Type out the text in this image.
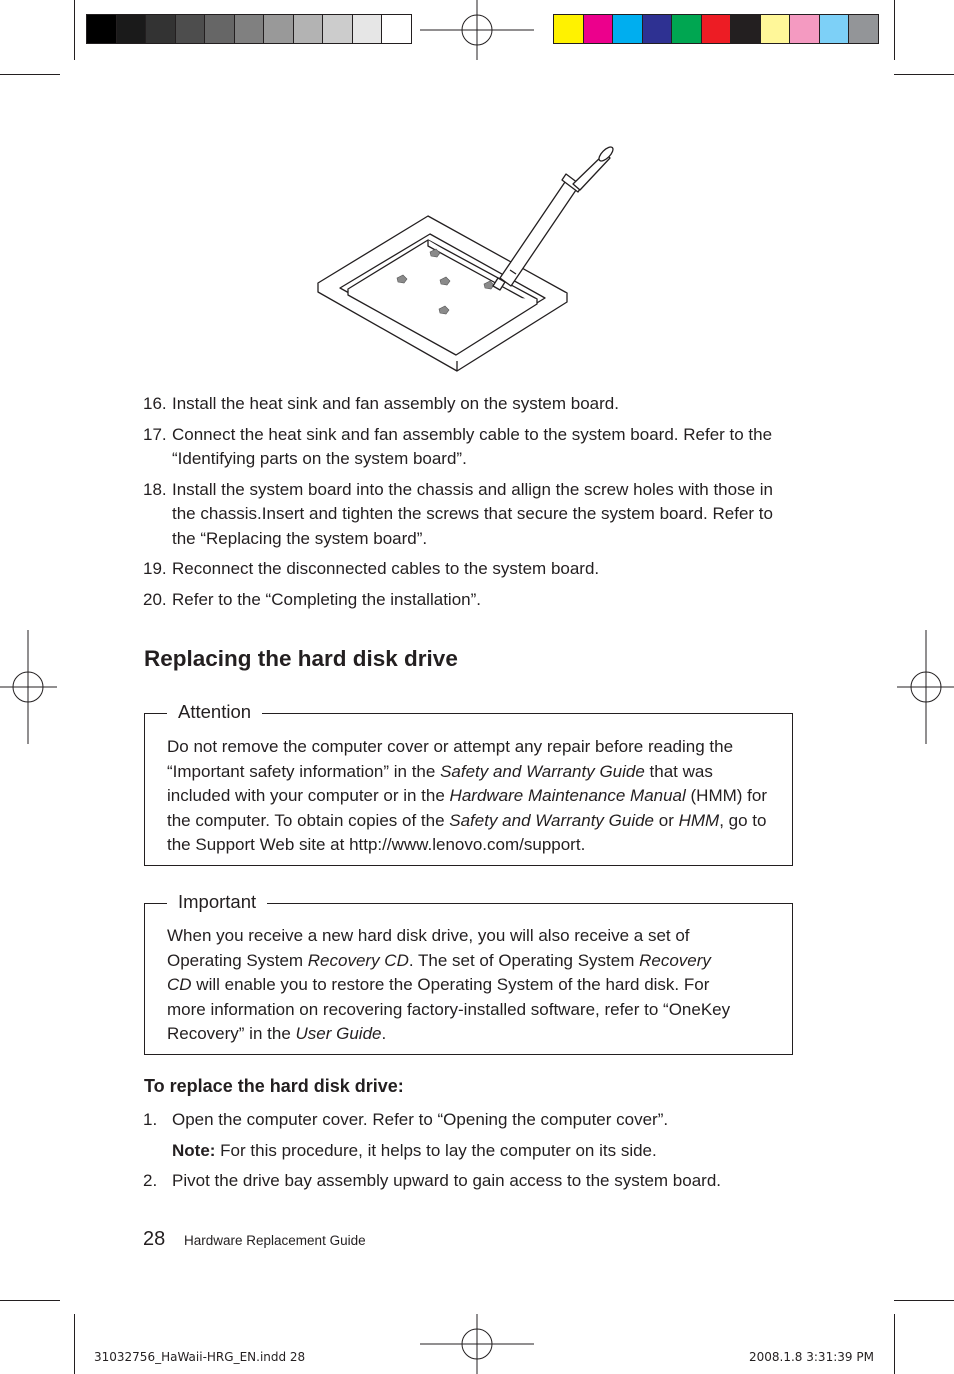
16. Install the heat sink and fan assembly on the system board.
17. Connect the heat sink and fan assembly cable to the system board. Refer to the “Identifying parts on the system board”.
18. Install the system board into the chassis and allign the screw holes with those in the chassis.Insert and tighten the screws that secure the system board. Refer to the “Replacing the system board”.
19. Reconnect the disconnected cables to the system board.
20. Refer to the “Completing the installation”.
Replacing the hard disk drive
Attention
Do not remove the computer cover or attempt any repair before reading the “Important safety information” in the Safety and Warranty Guide that was included with your computer or in the Hardware Maintenance Manual (HMM) for the computer. To obtain copies of the Safety and Warranty Guide or HMM, go to the Support Web site at http://www.lenovo.com/support.
Important
When you receive a new hard disk drive, you will also receive a set of Operating System Recovery CD. The set of Operating System Recovery CD will enable you to restore the Operating System of the hard disk. For more information on recovering factory-installed software, refer to “OneKey Recovery” in the User Guide.
To replace the hard disk drive:
1. Open the computer cover. Refer to “Opening the computer cover”.
Note: For this procedure, it helps to lay the computer on its side.
2. Pivot the drive bay assembly upward to gain access to the system board.
28 Hardware Replacement Guide
31032756_HaWaii-HRG_EN.indd 28	2008.1.8 3:31:39 PM
